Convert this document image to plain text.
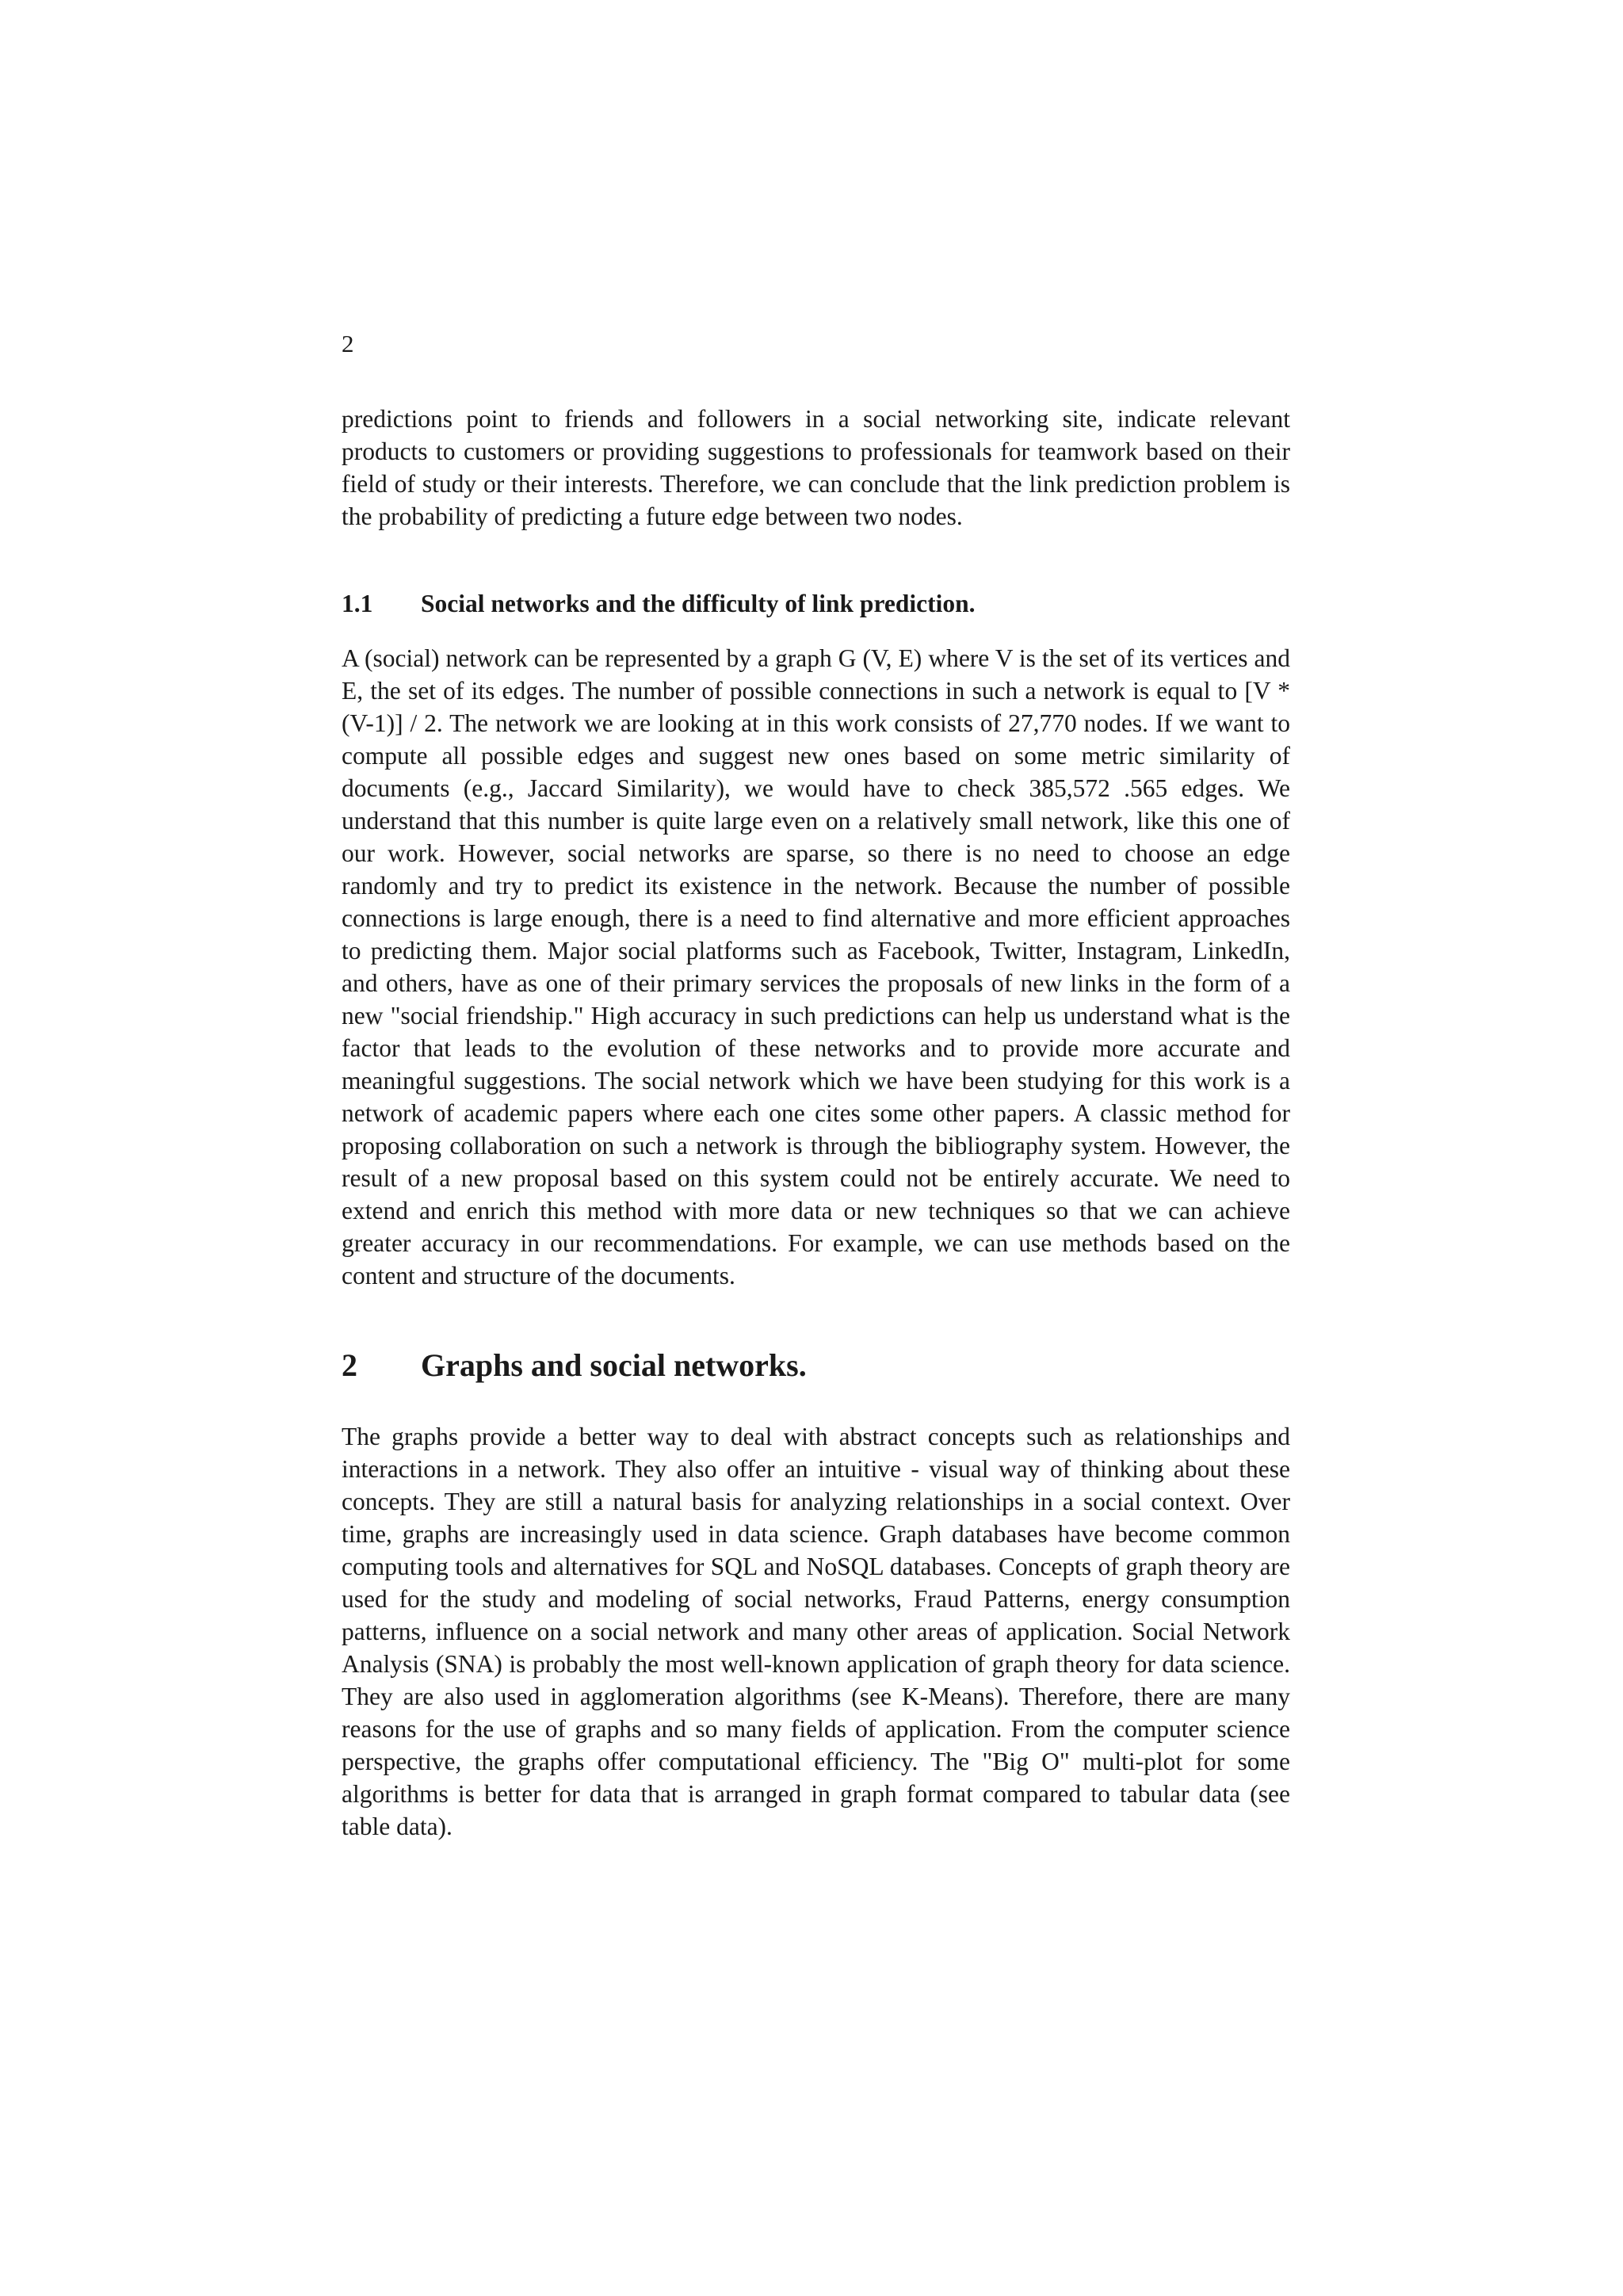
2

predictions point to friends and followers in a social networking site, indicate relevant products to customers or providing suggestions to professionals for teamwork based on their field of study or their interests. Therefore, we can conclude that the link prediction problem is the probability of predicting a future edge between two nodes.

1.1	Social networks and the difficulty of link prediction.

A (social) network can be represented by a graph G (V, E) where V is the set of its vertices and E, the set of its edges. The number of possible connections in such a network is equal to [V * (V-1)] / 2. The network we are looking at in this work consists of 27,770 nodes. If we want to compute all possible edges and suggest new ones based on some metric similarity of documents (e.g., Jaccard Similarity), we would have to check 385,572 .565 edges. We understand that this number is quite large even on a relatively small network, like this one of our work. However, social networks are sparse, so there is no need to choose an edge randomly and try to predict its existence in the network. Because the number of possible connections is large enough, there is a need to find alternative and more efficient approaches to predicting them. Major social platforms such as Facebook, Twitter, Instagram, LinkedIn, and others, have as one of their primary services the proposals of new links in the form of a new "social friendship." High accuracy in such predictions can help us understand what is the factor that leads to the evolution of these networks and to provide more accurate and meaningful suggestions. The social network which we have been studying for this work is a network of academic papers where each one cites some other papers. A classic method for proposing collaboration on such a network is through the bibliography system. However, the result of a new proposal based on this system could not be entirely accurate. We need to extend and enrich this method with more data or new techniques so that we can achieve greater accuracy in our recommendations. For example, we can use methods based on the content and structure of the documents.

2	Graphs and social networks.

The graphs provide a better way to deal with abstract concepts such as relationships and interactions in a network. They also offer an intuitive - visual way of thinking about these concepts. They are still a natural basis for analyzing relationships in a social context. Over time, graphs are increasingly used in data science. Graph databases have become common computing tools and alternatives for SQL and NoSQL databases. Concepts of graph theory are used for the study and modeling of social networks, Fraud Patterns, energy consumption patterns, influence on a social network and many other areas of application. Social Network Analysis (SNA) is probably the most well-known application of graph theory for data science. They are also used in agglomeration algorithms (see K-Means). Therefore, there are many reasons for the use of graphs and so many fields of application. From the computer science perspective, the graphs offer computational efficiency. The "Big O" multi-plot for some algorithms is better for data that is arranged in graph format compared to tabular data (see table data).
